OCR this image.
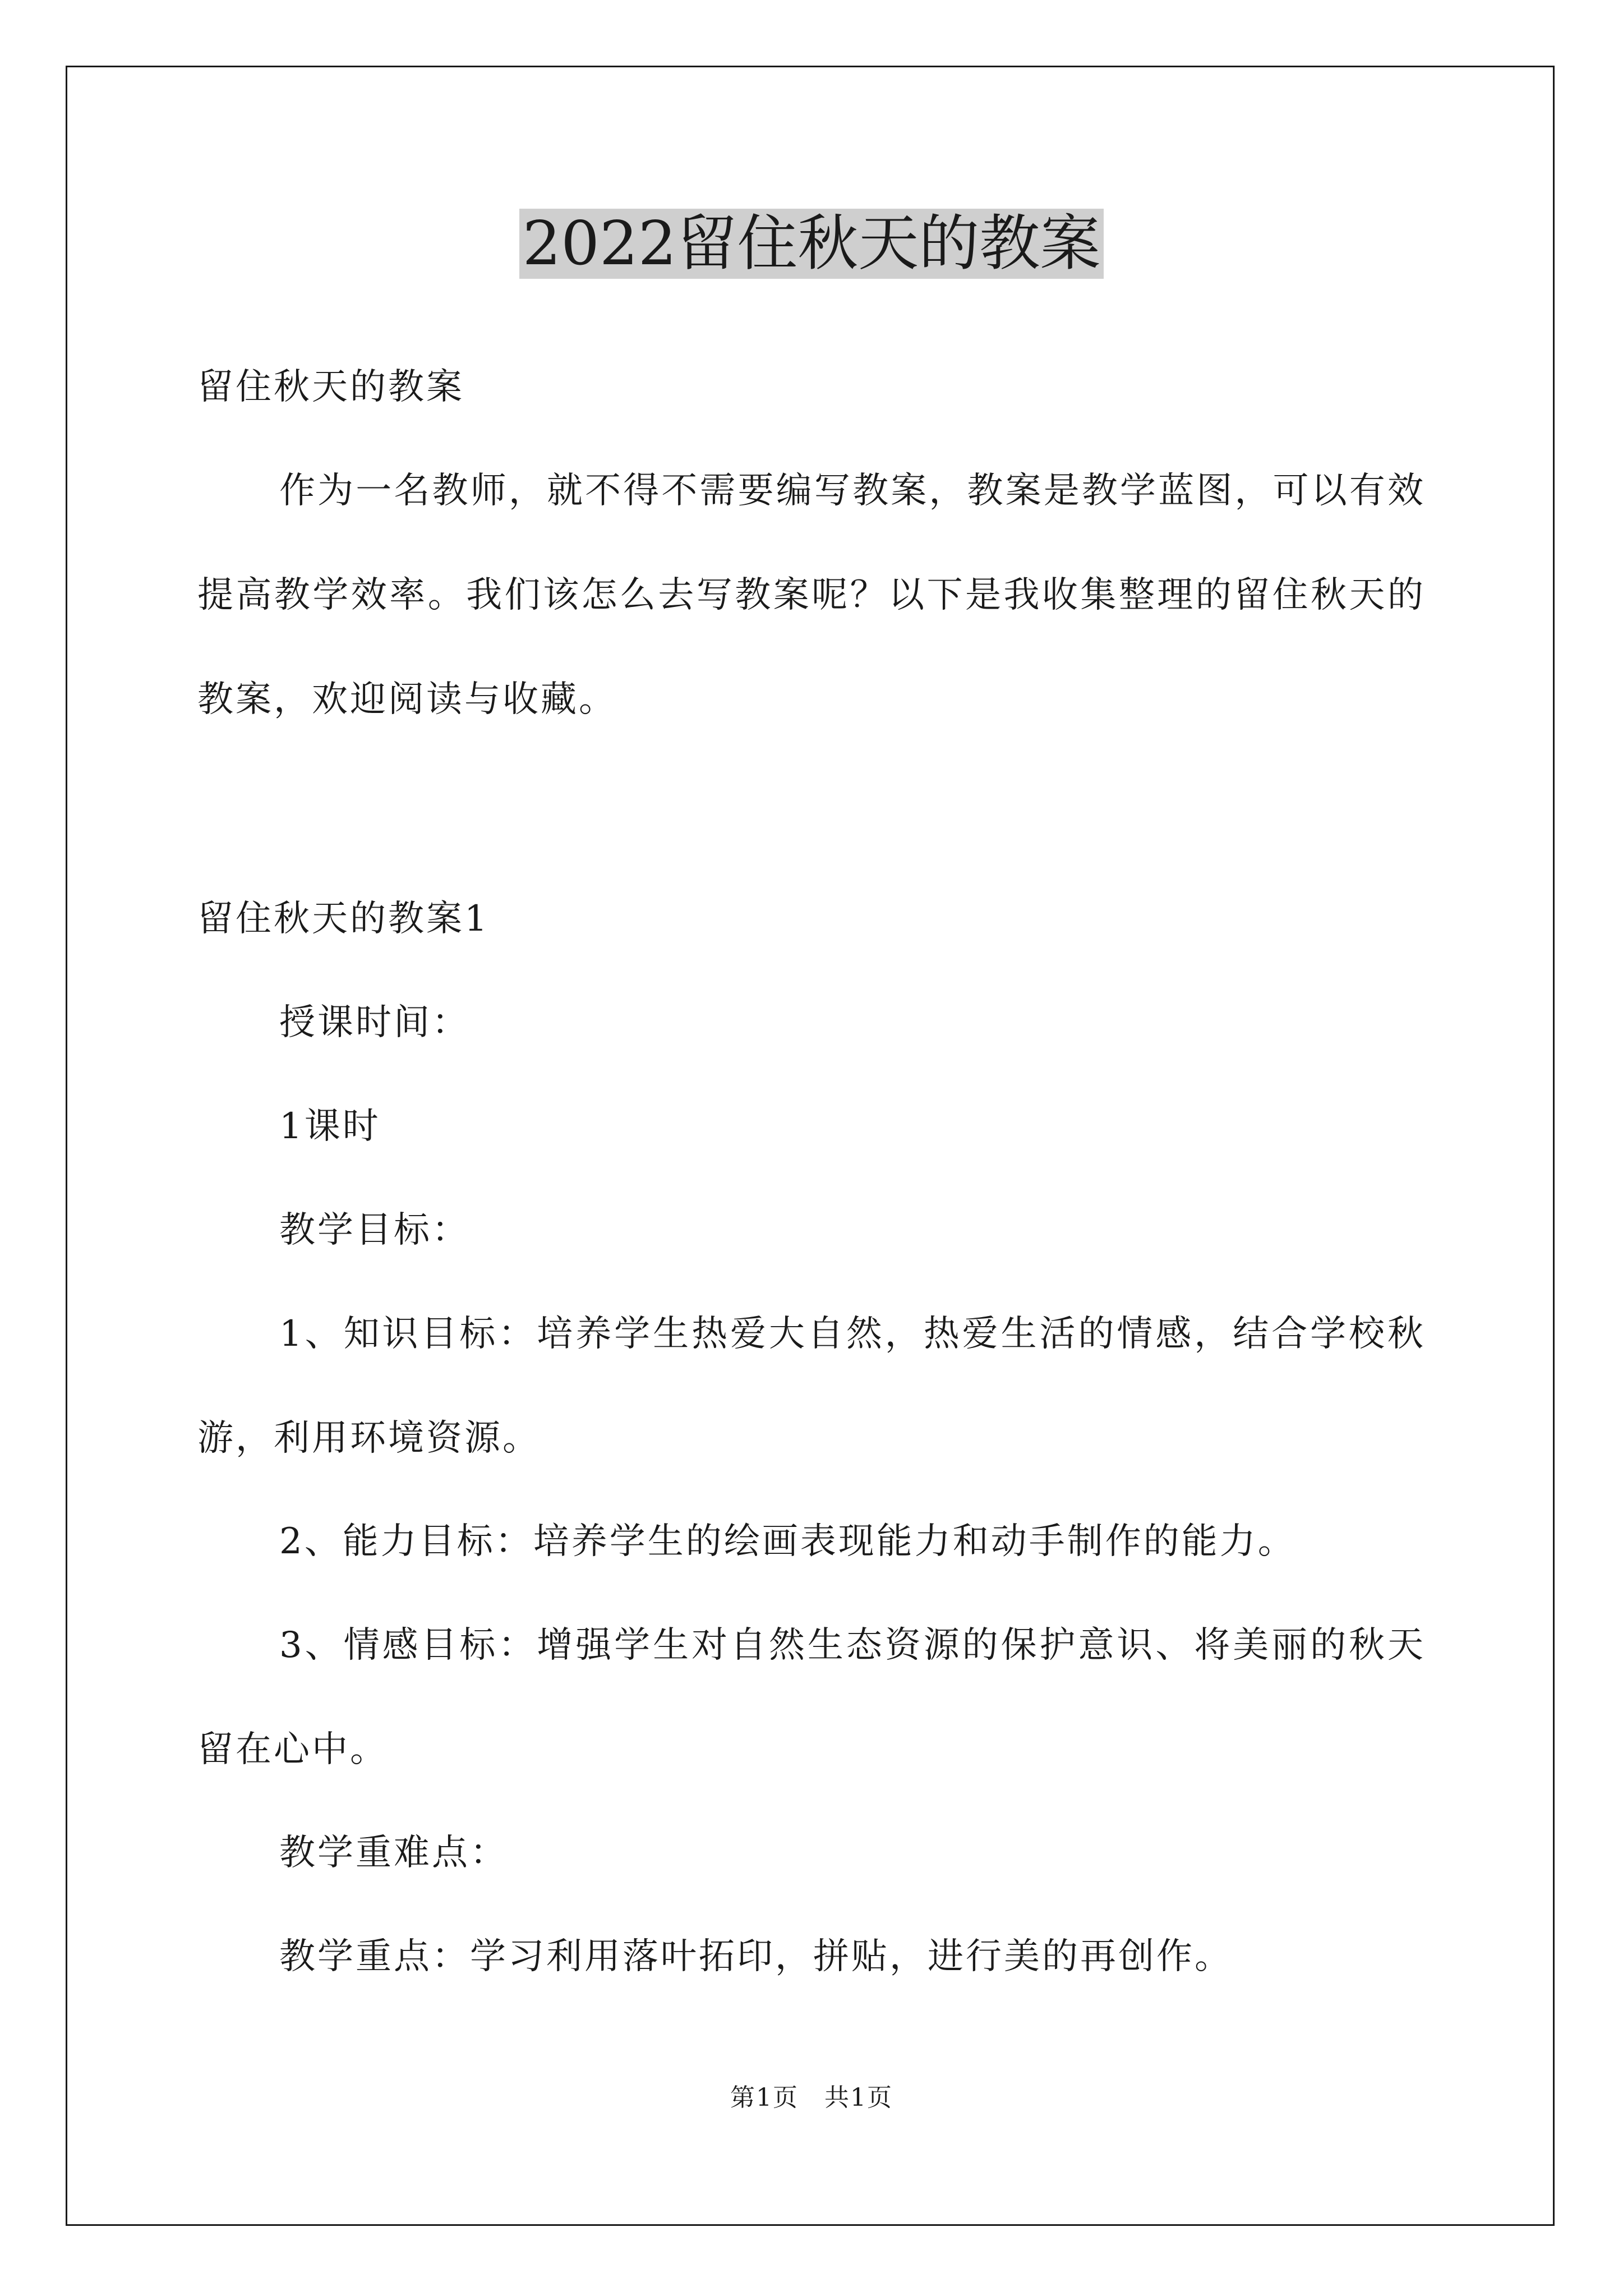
2022留住秋天的教案

留住秋天的教案

作为一名教师，就不得不需要编写教案，教案是教学蓝图，可以有效提高教学效率。我们该怎么去写教案呢？以下是我收集整理的留住秋天的教案，欢迎阅读与收藏。

留住秋天的教案1

授课时间：

1课时

教学目标：

1、知识目标：培养学生热爱大自然，热爱生活的情感，结合学校秋游，利用环境资源。

2、能力目标：培养学生的绘画表现能力和动手制作的能力。

3、情感目标：增强学生对自然生态资源的保护意识、将美丽的秋天留在心中。

教学重难点：

教学重点：学习利用落叶拓印，拼贴，进行美的再创作。

第1页　共1页
